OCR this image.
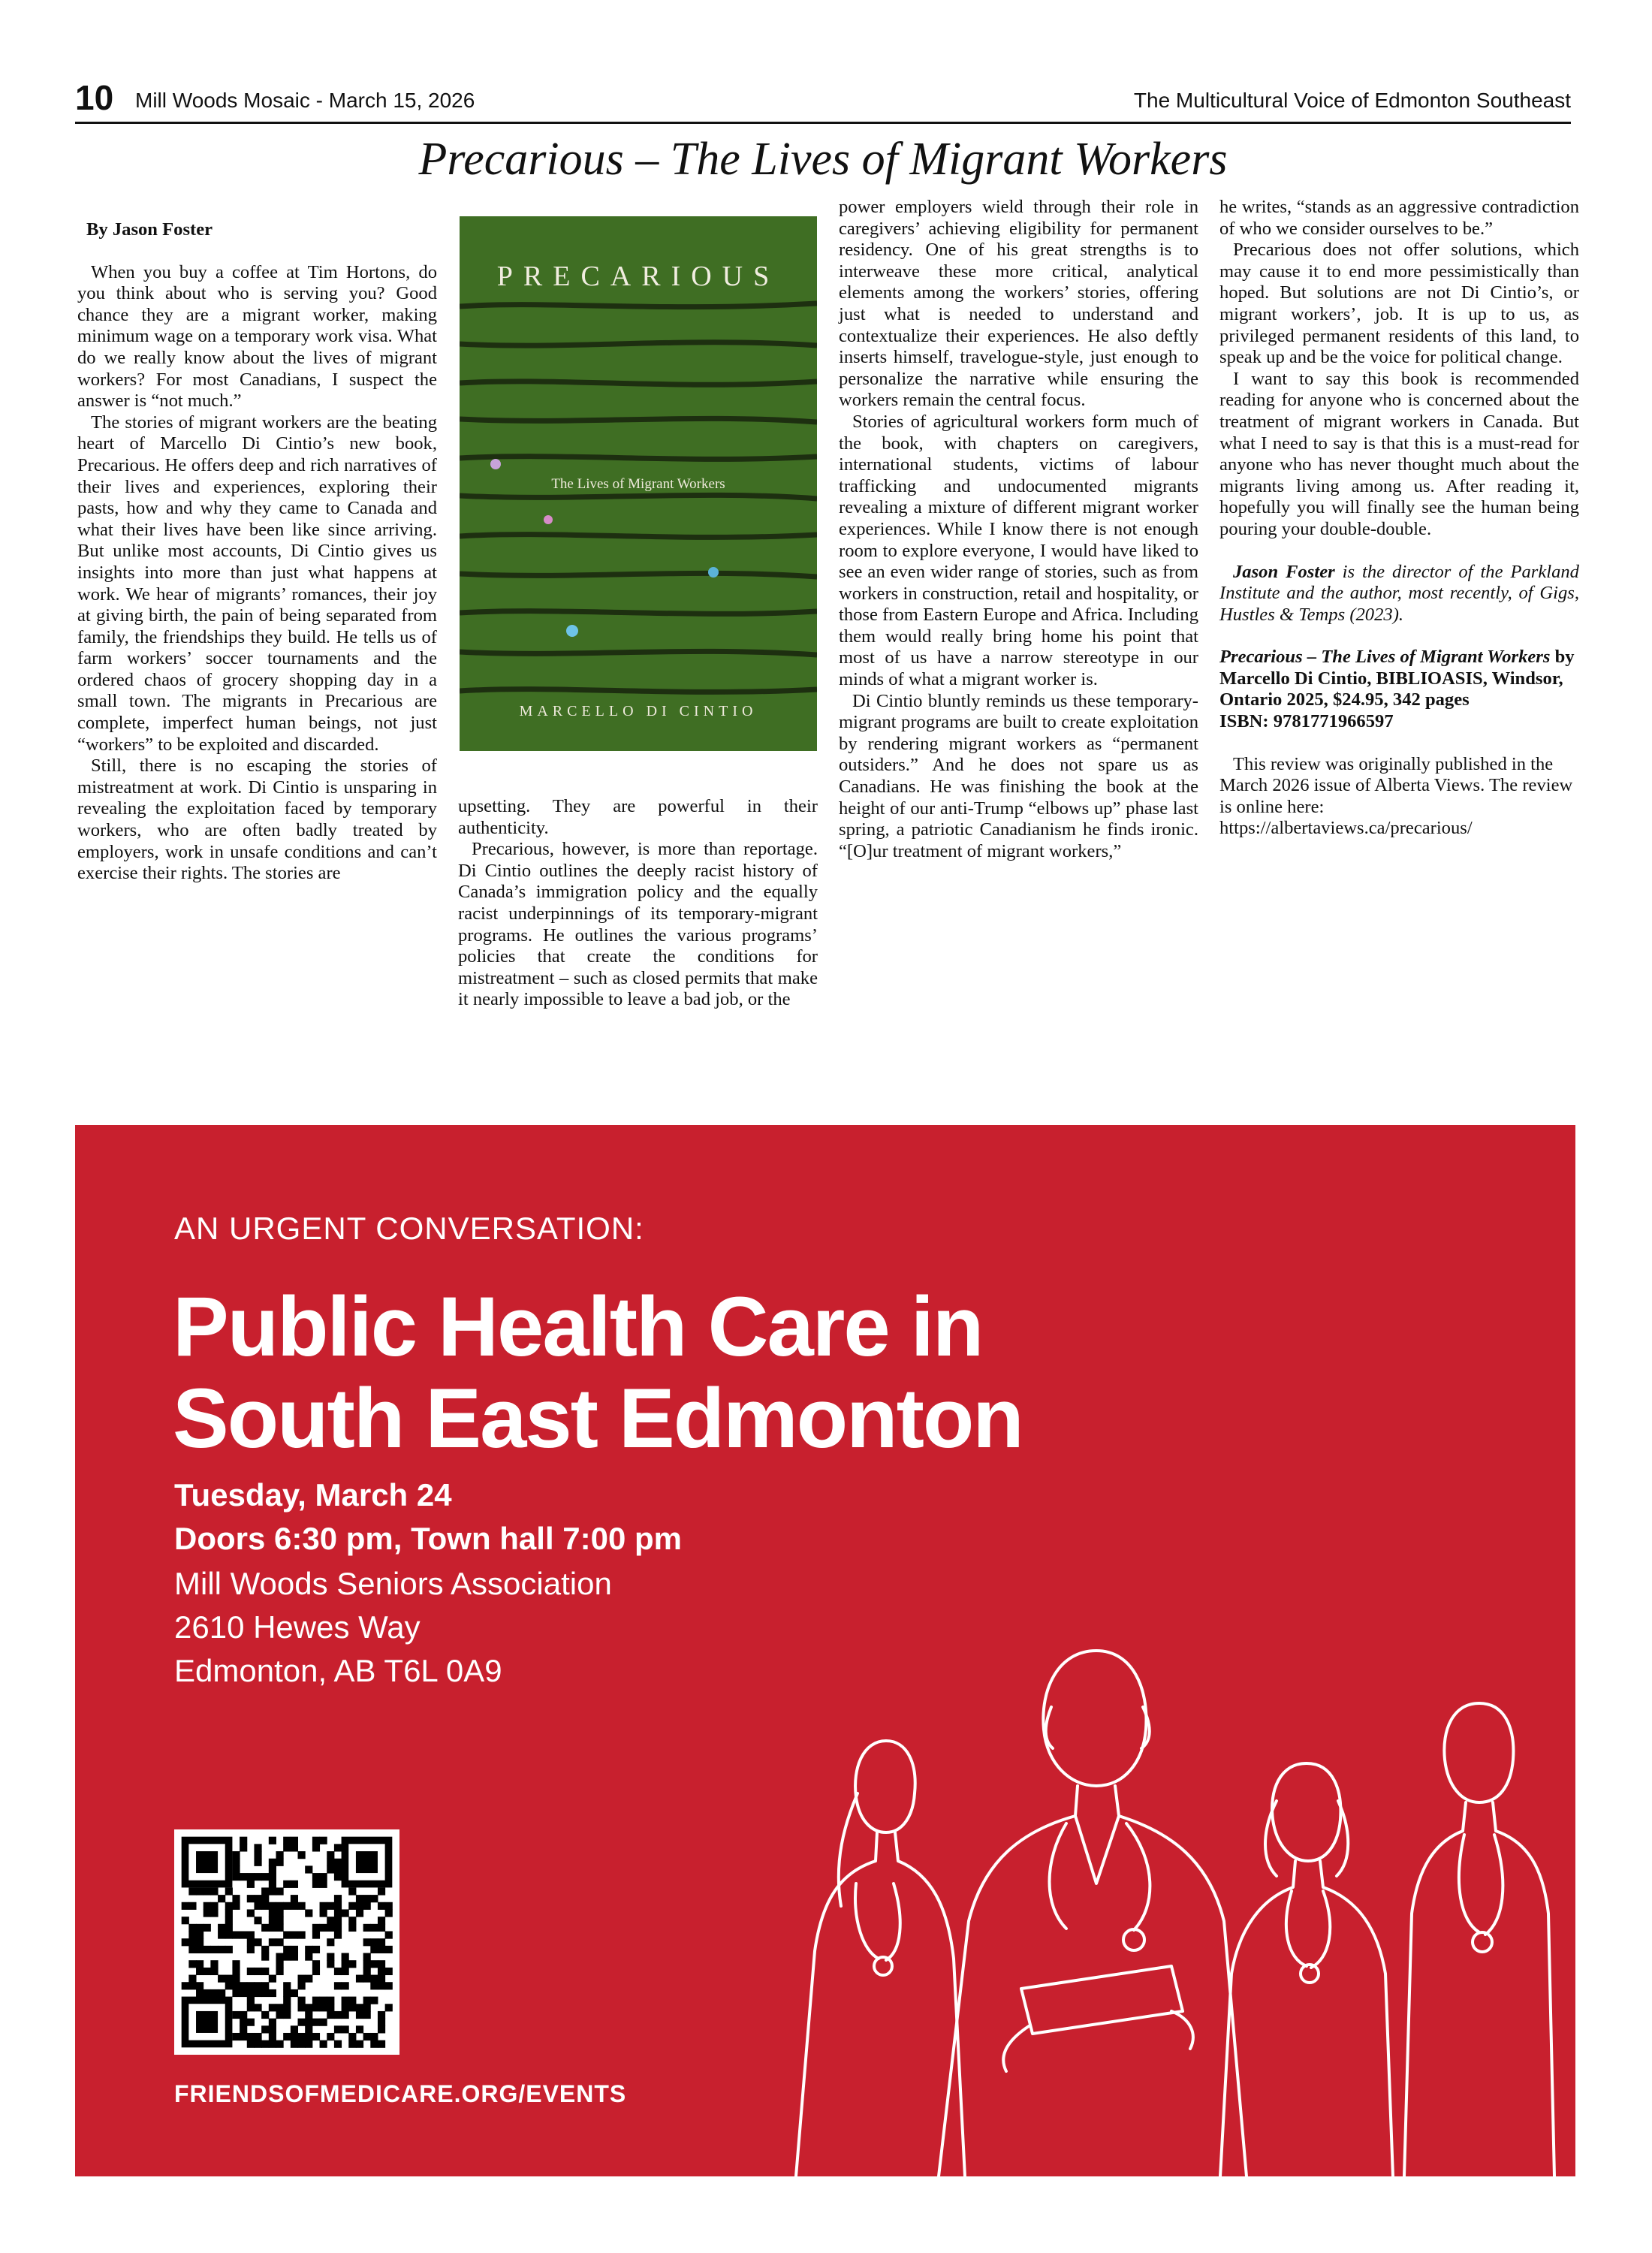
10 Mill Woods Mosaic - March 15, 2026	The Multicultural Voice of Edmonton Southeast
Precarious – The Lives of Migrant Workers

By Jason Foster

When you buy a coffee at Tim Hortons, do you think about who is serving you? Good chance they are a migrant worker, making minimum wage on a temporary work visa. What do we really know about the lives of migrant workers? For most Canadians, I suspect the answer is “not much.”

The stories of migrant workers are the beating heart of Marcello Di Cintio’s new book, Precarious. He offers deep and rich narratives of their lives and experiences, exploring their pasts, how and why they came to Canada and what their lives have been like since arriving. But unlike most accounts, Di Cintio gives us insights into more than just what happens at work. We hear of migrants’ romances, their joy at giving birth, the pain of being separated from family, the friendships they build. He tells us of farm workers’ soccer tournaments and the ordered chaos of grocery shopping day in a small town. The migrants in Precarious are complete, imperfect human beings, not just “workers” to be exploited and discarded.

Still, there is no escaping the stories of mistreatment at work. Di Cintio is unsparing in revealing the exploitation faced by temporary workers, who are often badly treated by employers, work in unsafe conditions and can’t exercise their rights. The stories are

PRECARIOUS
The Lives of Migrant Workers
MARCELLO DI CINTIO

upsetting. They are powerful in their authenticity.

Precarious, however, is more than reportage. Di Cintio outlines the deeply racist history of Canada’s immigration policy and the equally racist underpinnings of its temporary-migrant programs. He outlines the various programs’ policies that create the conditions for mistreatment – such as closed permits that make it nearly impossible to leave a bad job, or the

power employers wield through their role in caregivers’ achieving eligibility for permanent residency. One of his great strengths is to interweave these more critical, analytical elements among the workers’ stories, offering just what is needed to understand and contextualize their experiences. He also deftly inserts himself, travelogue-style, just enough to personalize the narrative while ensuring the workers remain the central focus.

Stories of agricultural workers form much of the book, with chapters on caregivers, international students, victims of labour trafficking and undocumented migrants revealing a mixture of different migrant worker experiences. While I know there is not enough room to explore everyone, I would have liked to see an even wider range of stories, such as from workers in construction, retail and hospitality, or those from Eastern Europe and Africa. Including them would really bring home his point that most of us have a narrow stereotype in our minds of what a migrant worker is.

Di Cintio bluntly reminds us these temporary-migrant programs are built to create exploitation by rendering migrant workers as “permanent outsiders.” And he does not spare us as Canadians. He was finishing the book at the height of our anti-Trump “elbows up” phase last spring, a patriotic Canadianism he finds ironic. “[O]ur treatment of migrant workers,”

he writes, “stands as an aggressive contradiction of who we consider ourselves to be.”

Precarious does not offer solutions, which may cause it to end more pessimistically than hoped. But solutions are not Di Cintio’s, or migrant workers’, job. It is up to us, as privileged permanent residents of this land, to speak up and be the voice for political change.

I want to say this book is recommended reading for anyone who is concerned about the treatment of migrant workers in Canada. But what I need to say is that this is a must-read for anyone who has never thought much about the migrants living among us. After reading it, hopefully you will finally see the human being pouring your double-double.

Jason Foster is the director of the Parkland Institute and the author, most recently, of Gigs, Hustles & Temps (2023).

Precarious – The Lives of Migrant Workers by Marcello Di Cintio, BIBLIOASIS, Windsor, Ontario 2025, $24.95, 342 pages
ISBN: 9781771966597

This review was originally published in the March 2026 issue of Alberta Views. The review is online here: https://albertaviews.ca/precarious/

AN URGENT CONVERSATION:
Public Health Care in
South East Edmonton
Tuesday, March 24
Doors 6:30 pm, Town hall 7:00 pm
Mill Woods Seniors Association
2610 Hewes Way
Edmonton, AB T6L 0A9
FRIENDSOFMEDICARE.ORG/EVENTS
